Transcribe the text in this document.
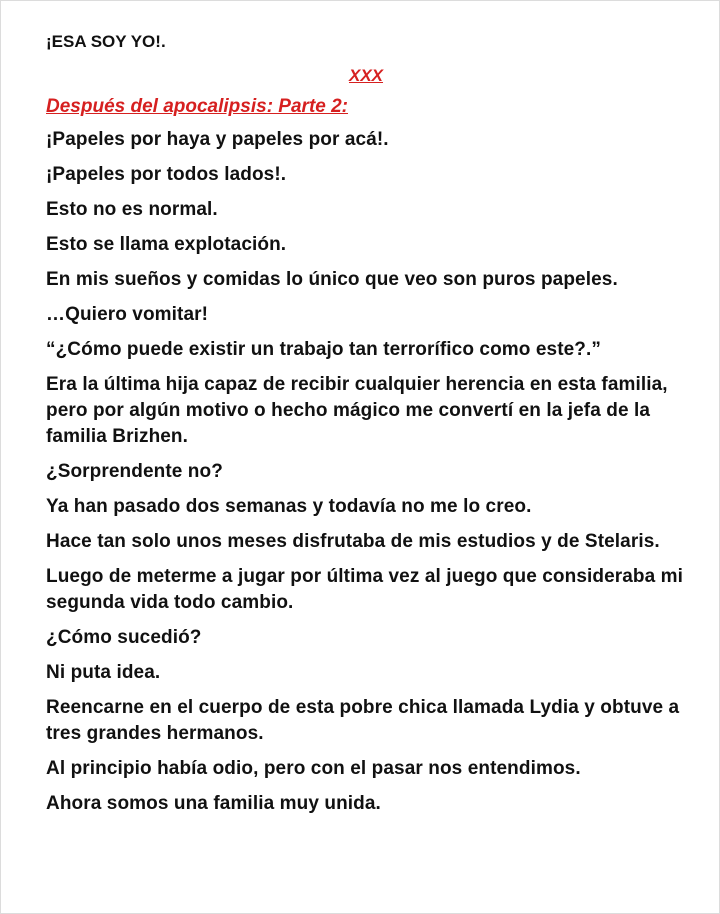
¡ESA SOY YO!.
XXX
Después del apocalipsis: Parte 2:
¡Papeles por haya y papeles por acá!.
¡Papeles por todos lados!.
Esto no es normal.
Esto se llama explotación.
En mis sueños y comidas lo único que veo son puros papeles.
…Quiero vomitar!
“¿Cómo puede existir un trabajo tan terrorífico como este?.”
Era la última hija capaz de recibir cualquier herencia en esta familia, pero por algún motivo o hecho mágico me convertí en la jefa de la familia Brizhen.
¿Sorprendente no?
Ya han pasado dos semanas y todavía no me lo creo.
Hace tan solo unos meses disfrutaba de mis estudios y de Stelaris.
Luego de meterme a jugar por última vez al juego que consideraba mi segunda vida todo cambio.
¿Cómo sucedió?
Ni puta idea.
Reencarne en el cuerpo de esta pobre chica llamada Lydia y obtuve a tres grandes hermanos.
Al principio había odio, pero con el pasar nos entendimos.
Ahora somos una familia muy unida.
